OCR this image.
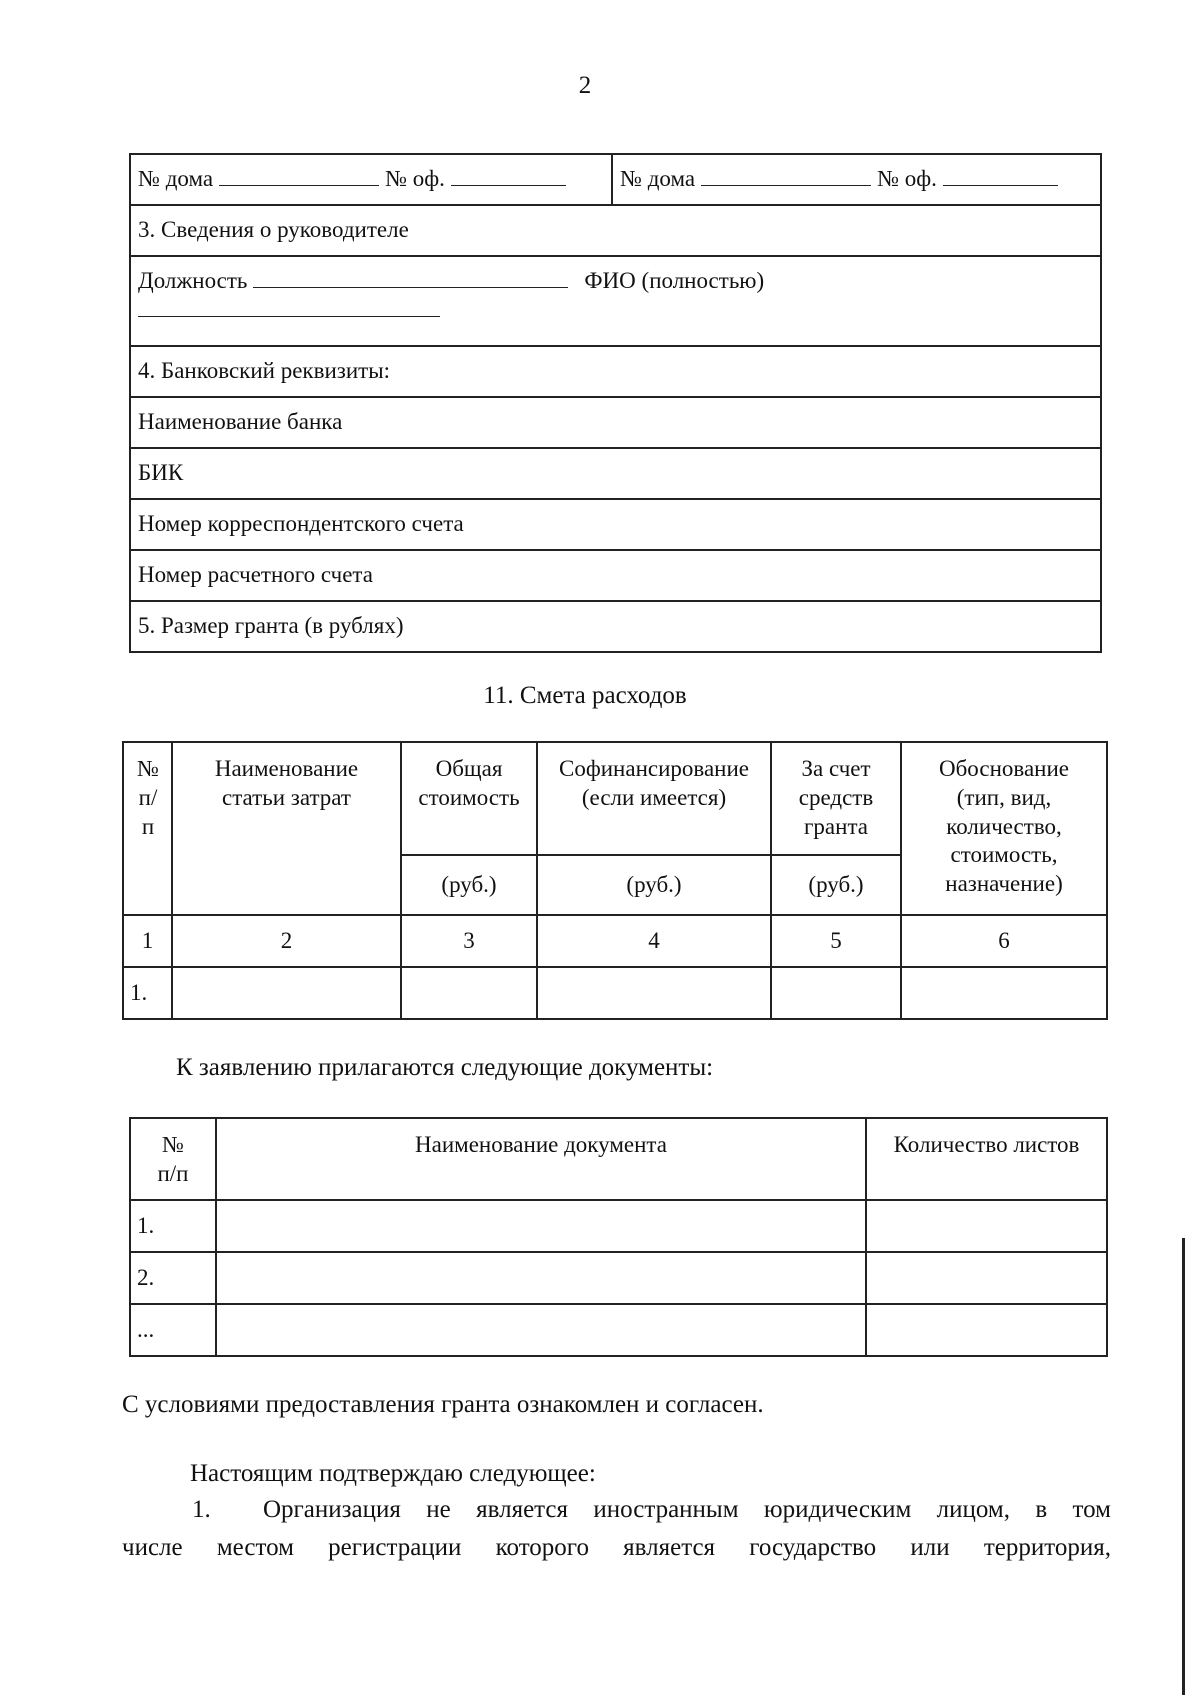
2
№ дома	№ оф.	№ дома	№ оф.
3. Сведения о руководителе
Должность	ФИО (полностью)

4. Банковский реквизиты:
Наименование банка
БИК
Номер корреспондентского счета
Номер расчетного счета
5. Размер гранта (в рублях)
11. Смета расходов
№ п/п	Наименование статьи затрат	Общая стоимость	Софинансирование (если имеется)	За счет средств гранта	Обоснование (тип, вид, количество, стоимость, назначение)

		(руб.)	(руб.)	(руб.)	
1	2	3	4	5	6
1.					
К заявлению прилагаются следующие документы:
№ п/п	Наименование документа	Количество листов
1.		
2.		
...		
С условиями предоставления гранта ознакомлен и согласен.
Настоящим подтверждаю следующее:
1. Организация не является иностранным юридическим лицом, в том
числе местом регистрации которого является государство или территория,
